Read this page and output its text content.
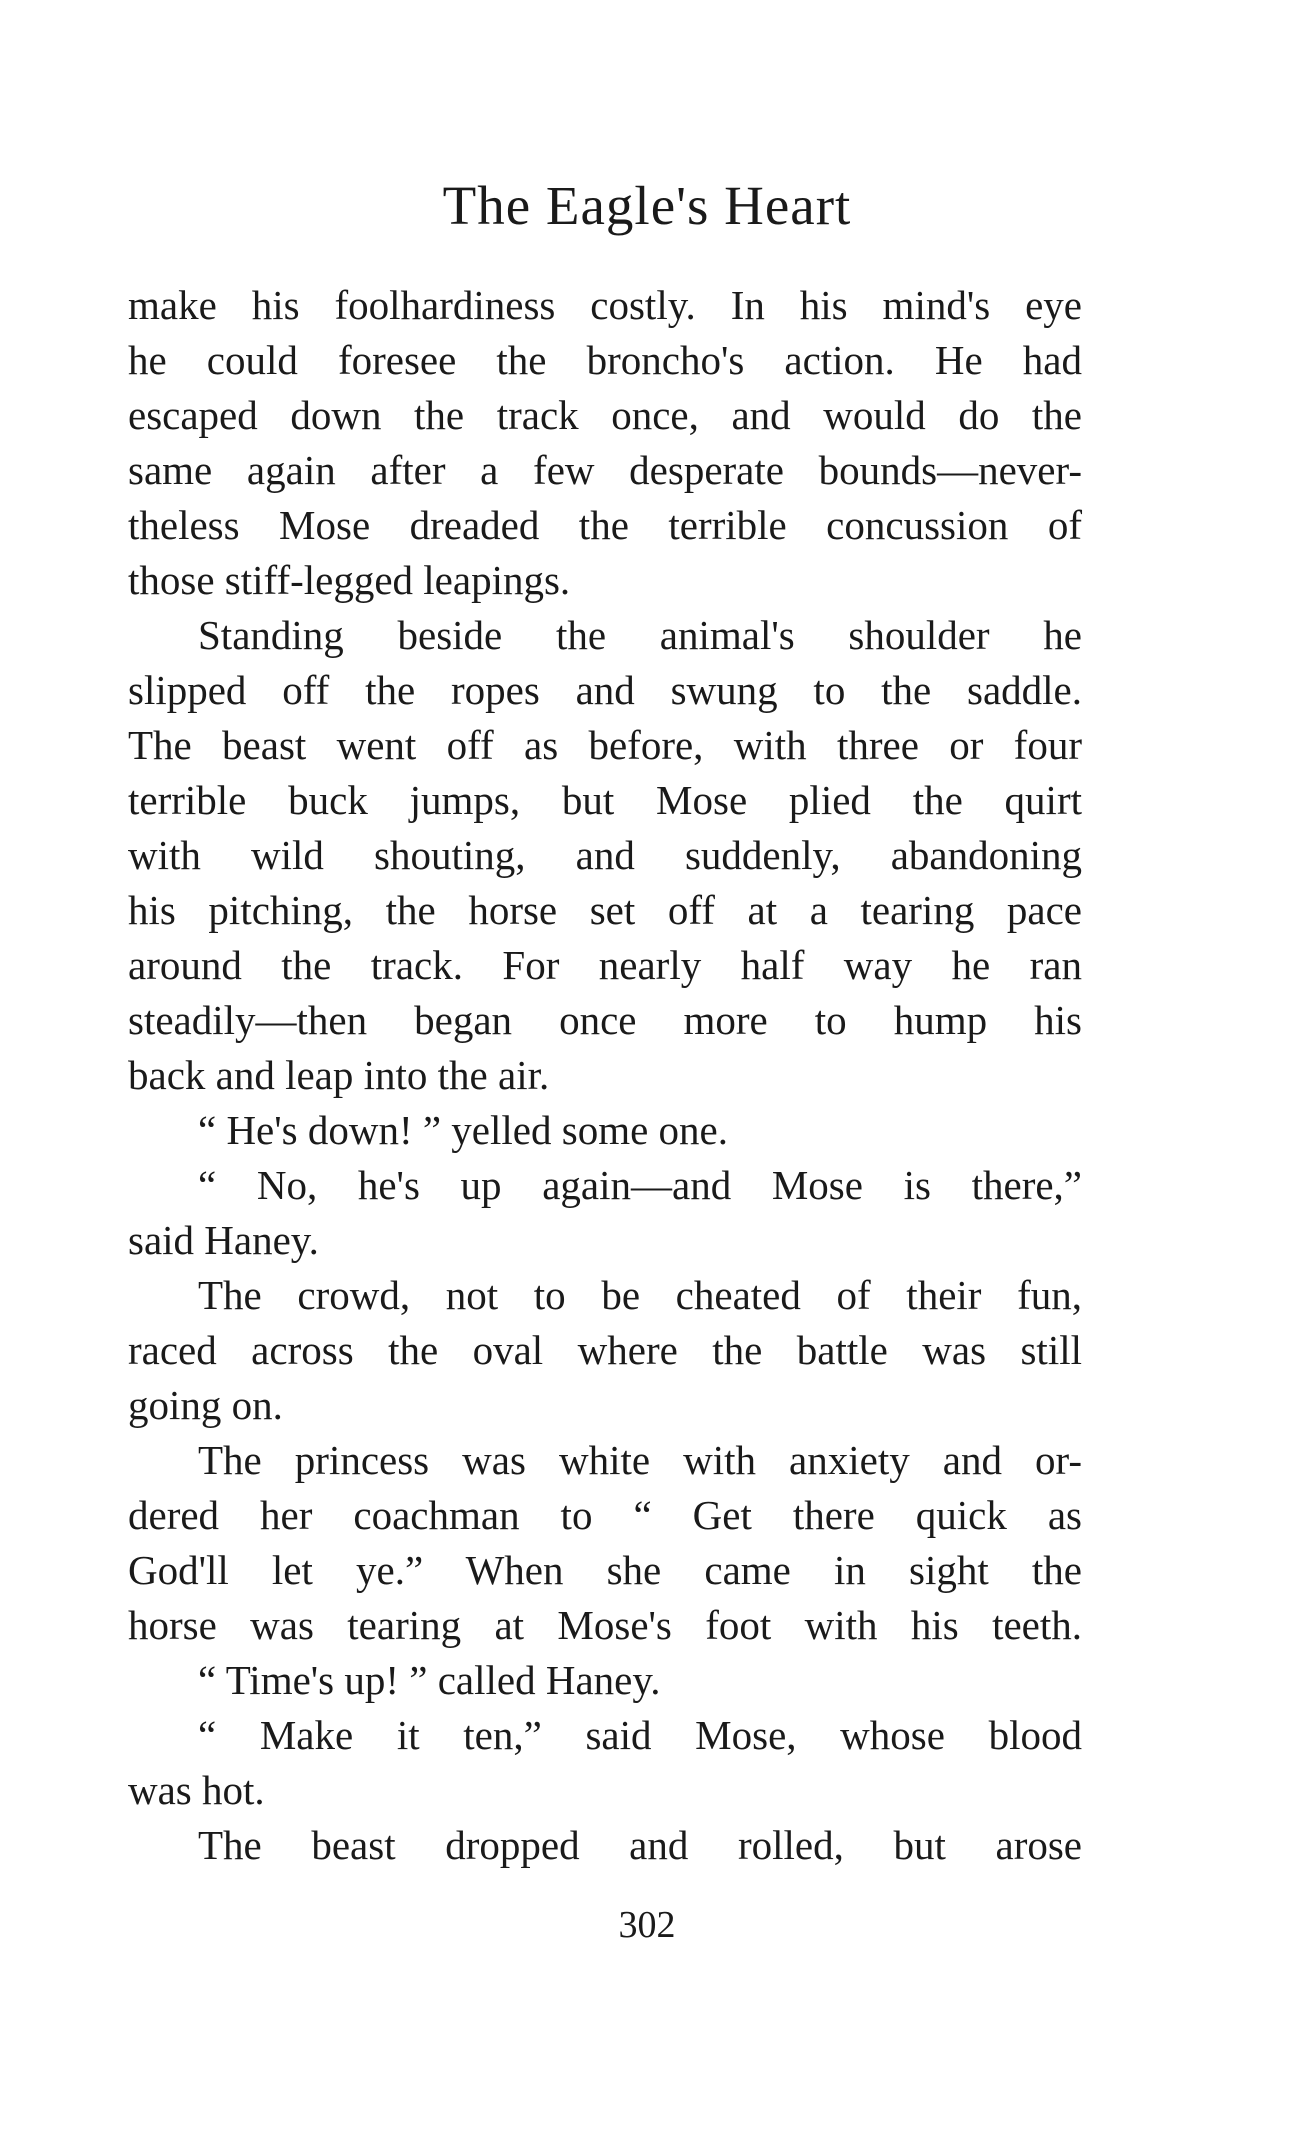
The Eagle's Heart
make his foolhardiness costly. In his mind's eye
he could foresee the broncho's action. He had
escaped down the track once, and would do the
same again after a few desperate bounds—never-
theless Mose dreaded the terrible concussion of
those stiff-legged leapings.
Standing beside the animal's shoulder he
slipped off the ropes and swung to the saddle.
The beast went off as before, with three or four
terrible buck jumps, but Mose plied the quirt
with wild shouting, and suddenly, abandoning
his pitching, the horse set off at a tearing pace
around the track. For nearly half way he ran
steadily—then began once more to hump his
back and leap into the air.
“ He's down! ” yelled some one.
“ No, he's up again—and Mose is there,”
said Haney.
The crowd, not to be cheated of their fun,
raced across the oval where the battle was still
going on.
The princess was white with anxiety and or-
dered her coachman to “ Get there quick as
God'll let ye.” When she came in sight the
horse was tearing at Mose's foot with his teeth.
“ Time's up! ” called Haney.
“ Make it ten,” said Mose, whose blood
was hot.
The beast dropped and rolled, but arose
302
